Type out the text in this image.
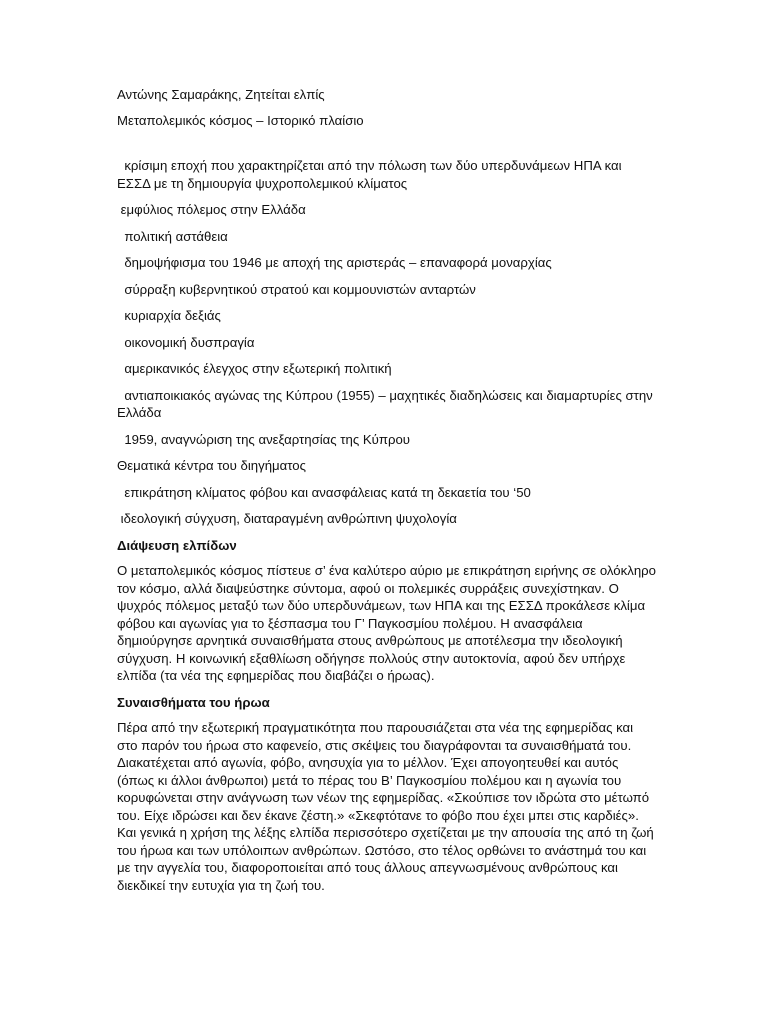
Αντώνης Σαμαράκης, Ζητείται ελπίς

Μεταπολεμικός κόσμος – Ιστορικό πλαίσιο

κρίσιμη εποχή που χαρακτηρίζεται από την πόλωση των δύο υπερδυνάμεων ΗΠΑ και ΕΣΣΔ με τη δημιουργία ψυχροπολεμικού κλίματος

εμφύλιος πόλεμος στην Ελλάδα

πολιτική αστάθεια

δημοψήφισμα του 1946 με αποχή της αριστεράς – επαναφορά μοναρχίας

σύρραξη κυβερνητικού στρατού και κομμουνιστών ανταρτών

κυριαρχία δεξιάς

οικονομική δυσπραγία

αμερικανικός έλεγχος στην εξωτερική πολιτική

αντιαποικιακός αγώνας της Κύπρου (1955) – μαχητικές διαδηλώσεις και διαμαρτυρίες στην Ελλάδα

1959, αναγνώριση της ανεξαρτησίας της Κύπρου

Θεματικά κέντρα του διηγήματος

επικράτηση κλίματος φόβου και ανασφάλειας κατά τη δεκαετία του ‘50

ιδεολογική σύγχυση, διαταραγμένη ανθρώπινη ψυχολογία

Διάψευση ελπίδων

Ο μεταπολεμικός κόσμος πίστευε σ’ ένα καλύτερο αύριο με επικράτηση ειρήνης σε ολόκληρο τον κόσμο, αλλά διαψεύστηκε σύντομα, αφού οι πολεμικές συρράξεις συνεχίστηκαν. Ο ψυχρός πόλεμος μεταξύ των δύο υπερδυνάμεων, των ΗΠΑ και της ΕΣΣΔ προκάλεσε κλίμα φόβου και αγωνίας για το ξέσπασμα του Γ’ Παγκοσμίου πολέμου. Η ανασφάλεια δημιούργησε αρνητικά συναισθήματα στους ανθρώπους με αποτέλεσμα την ιδεολογική σύγχυση. Η κοινωνική εξαθλίωση οδήγησε πολλούς στην αυτοκτονία, αφού δεν υπήρχε ελπίδα (τα νέα της εφημερίδας που διαβάζει ο ήρωας).

Συναισθήματα του ήρωα

Πέρα από την εξωτερική πραγματικότητα που παρουσιάζεται στα νέα της εφημερίδας και στο παρόν του ήρωα στο καφενείο, στις σκέψεις του διαγράφονται τα συναισθήματά του. Διακατέχεται από αγωνία, φόβο, ανησυχία για το μέλλον. Έχει απογοητευθεί και αυτός (όπως κι άλλοι άνθρωποι) μετά το πέρας του Β’ Παγκοσμίου πολέμου και η αγωνία του κορυφώνεται στην ανάγνωση των νέων της εφημερίδας. «Σκούπισε τον ιδρώτα στο μέτωπό του. Είχε ιδρώσει και δεν έκανε ζέστη.» «Σκεφτότανε το φόβο που έχει μπει στις καρδιές». Και γενικά η χρήση της λέξης ελπίδα περισσότερο σχετίζεται με την απουσία της από τη ζωή του ήρωα και των υπόλοιπων ανθρώπων. Ωστόσο, στο τέλος ορθώνει το ανάστημά του και με την αγγελία του, διαφοροποιείται από τους άλλους απεγνωσμένους ανθρώπους και διεκδικεί την ευτυχία για τη ζωή του.
